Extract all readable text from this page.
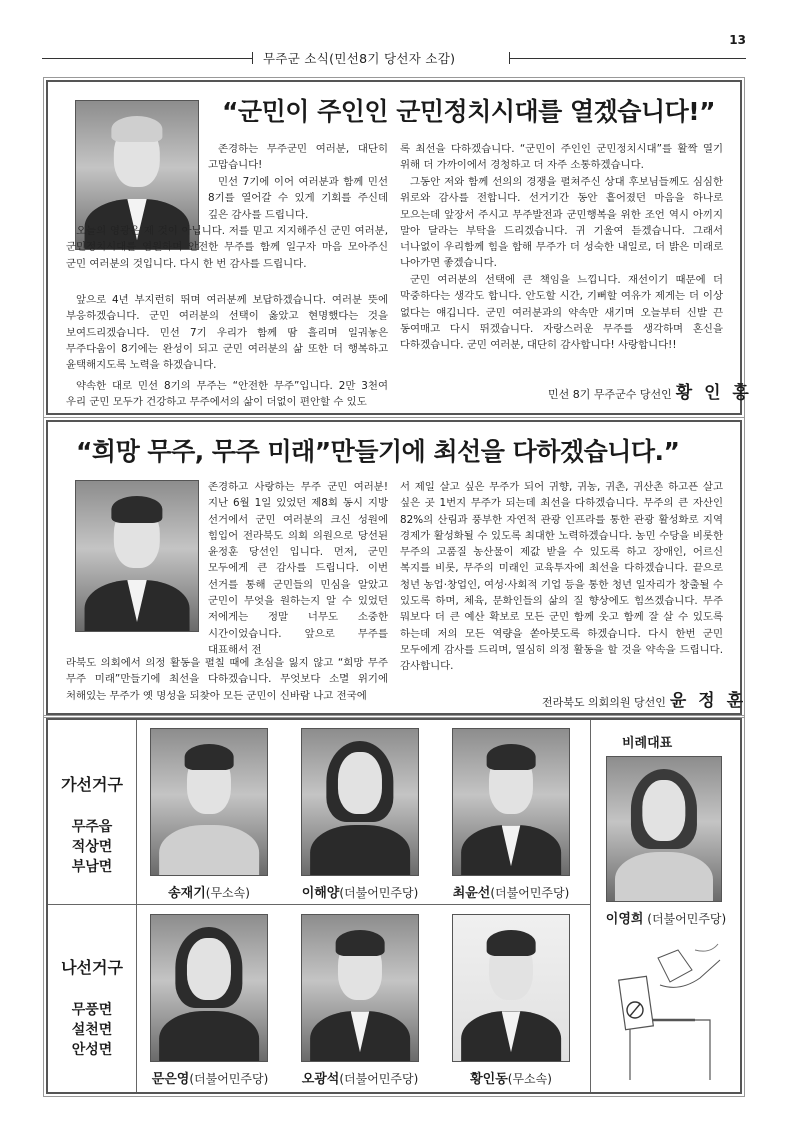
13
무주군 소식(민선8기 당선자 소감)
“군민이 주인인 군민정치시대를 열겠습니다!”
존경하는 무주군민 여러분, 대단히 고맙습니다!
민선 7기에 이어 여러분과 함께 민선 8기를 열어갈 수 있게 기회를 주신데 깊은 감사를 드립니다.
오늘의 영광은 제 것이 아닙니다. 저를 믿고 지지해주신 군민 여러분, 군민정치시대를 염원하며 안전한 무주를 함께 일구자 마음 모아주신 군민 여러분의 것입니다. 다시 한 번 감사를 드립니다.
앞으로 4년 부지런히 뛰며 여러분께 보답하겠습니다. 여러분 뜻에 부응하겠습니다. 군민 여러분의 선택이 옳았고 현명했다는 것을 보여드리겠습니다. 민선 7기 우리가 함께 땀 흘리며 일궈놓은 무주다움이 8기에는 완성이 되고 군민 여러분의 삶 또한 더 행복하고 윤택해지도록 노력을 하겠습니다.
약속한 대로 민선 8기의 무주는 “안전한 무주”입니다. 2만 3천여 우리 군민 모두가 건강하고 무주에서의 삶이 더없이 편안할 수 있도
록 최선을 다하겠습니다. “군민이 주인인 군민정치시대”를 활짝 열기 위해 더 가까이에서 경청하고 더 자주 소통하겠습니다.
그동안 저와 함께 선의의 경쟁을 펼쳐주신 상대 후보님들께도 심심한 위로와 감사를 전합니다. 선거기간 동안 흩어졌던 마음을 하나로 모으는데 앞장서 주시고 무주발전과 군민행복을 위한 조언 역시 아끼지 말아 달라는 부탁을 드리겠습니다. 귀 기울여 듣겠습니다. 그래서 너나없이 우리함께 힘을 합해 무주가 더 성숙한 내일로, 더 밝은 미래로 나아가면 좋겠습니다.
군민 여러분의 선택에 큰 책임을 느낍니다. 재선이기 때문에 더 막중하다는 생각도 합니다. 안도할 시간, 기뻐할 여유가 제게는 더 이상 없다는 얘깁니다. 군민 여러분과의 약속만 새기며 오늘부터 신발 끈 동여매고 다시 뛰겠습니다. 자랑스러운 무주를 생각하며 혼신을 다하겠습니다. 군민 여러분, 대단히 감사합니다! 사랑합니다!!
민선 8기 무주군수 당선인 황 인 홍
“희망 무주, 무주 미래”만들기에 최선을 다하겠습니다.”
존경하고 사랑하는 무주 군민 여러분! 지난 6월 1일 있었던 제8회 동시 지방 선거에서 군민 여러분의 크신 성원에 힘입어 전라북도 의회 의원으로 당선된 윤정훈 당선인 입니다. 먼저, 군민 모두에게 큰 감사를 드립니다. 이번 선거를 통해 군민들의 민심을 알았고 군민이 무엇을 원하는지 알 수 있었던 저에게는 정말 너무도 소중한 시간이었습니다. 앞으로 무주를 대표해서 전
라북도 의회에서 의정 활동을 펼칠 때에 초심을 잃지 않고 “희망 무주 무주 미래”만들기에 최선을 다하겠습니다. 무엇보다 소멸 위기에 처해있는 무주가 옛 명성을 되찾아 모든 군민이 신바람 나고 전국에
서 제일 살고 싶은 무주가 되어 귀향, 귀농, 귀촌, 귀산촌 하고픈 살고 싶은 곳 1번지 무주가 되는데 최선을 다하겠습니다. 무주의 큰 자산인 82%의 산림과 풍부한 자연적 관광 인프라를 통한 관광 활성화로 지역 경제가 활성화될 수 있도록 최대한 노력하겠습니다. 농민 수당을 비롯한 무주의 고품질 농산물이 제값 받을 수 있도록 하고 장애인, 어르신 복지를 비롯, 무주의 미래인 교육투자에 최선을 다하겠습니다. 끝으로 청년 농업·창업인, 여성·사회적 기업 등을 통한 청년 일자리가 창출될 수 있도록 하며, 체육, 문화인들의 삶의 질 향상에도 힘쓰겠습니다. 무주 뭐보다 더 큰 예산 확보로 모든 군민 함께 웃고 함께 잘 살 수 있도록 하는데 저의 모든 역량을 쏟아붓도록 하겠습니다. 다시 한번 군민 모두에게 감사를 드리며, 열심히 의정 활동을 할 것을 약속을 드립니다. 감사합니다.
전라북도 의회의원 당선인 윤 정 훈
가선거구
무주읍
적상면
부남면
나선거구
무풍면
설천면
안성면
송재기(무소속)	이해양(더불어민주당)	최윤선(더불어민주당)
문은영(더불어민주당)	오광석(더불어민주당)	황인동(무소속)
비례대표
이영희 (더불어민주당)
